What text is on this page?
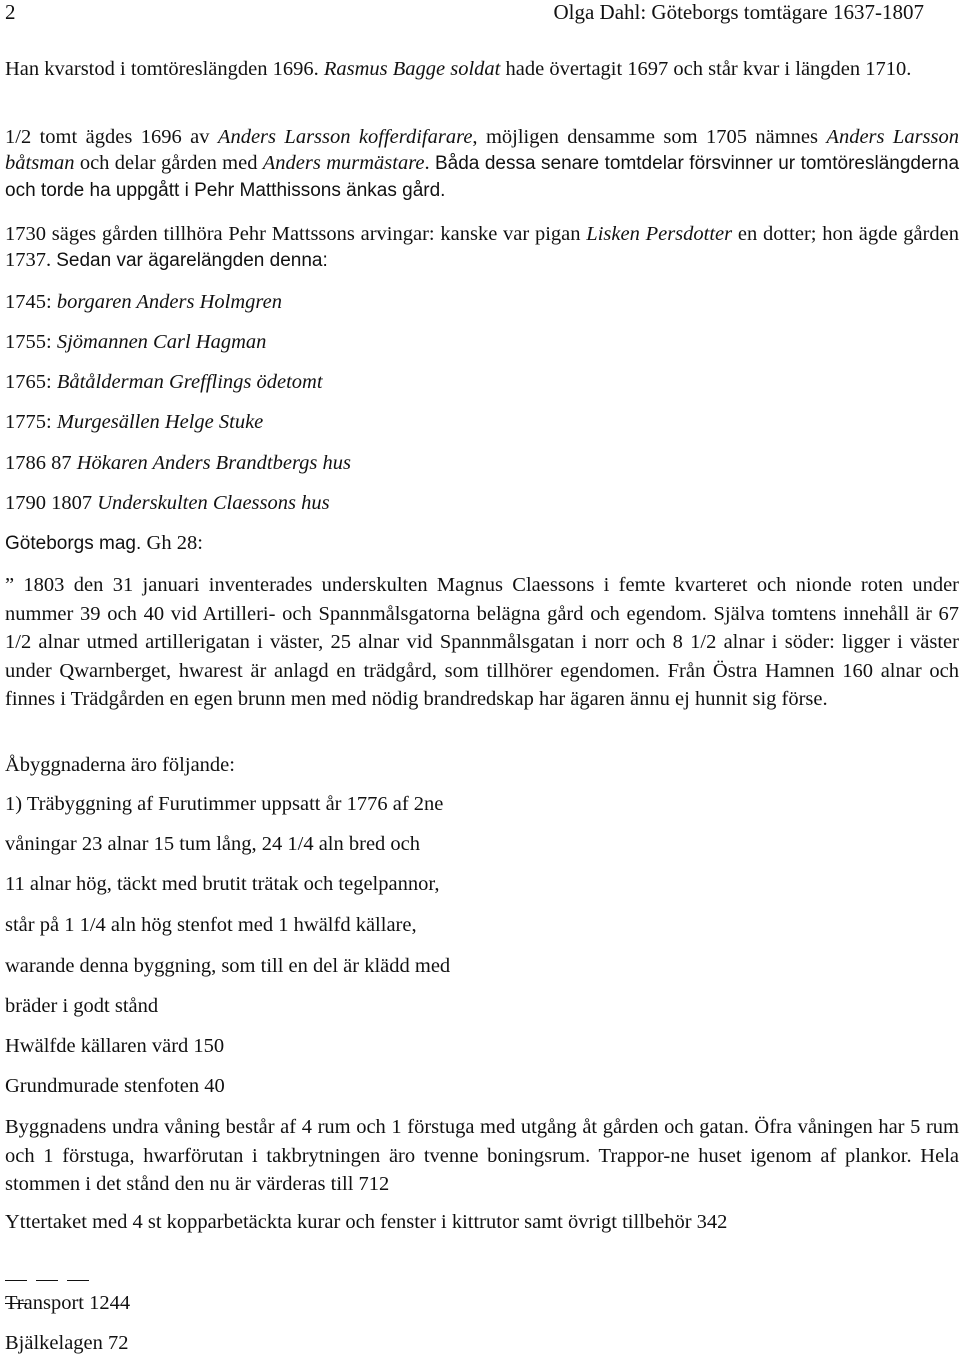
2	Olga Dahl: Göteborgs tomtägare 1637-1807

Han kvarstod i tomtöreslängden 1696. Rasmus Bagge soldat hade övertagit 1697 och står kvar i längden 1710.

1/2 tomt ägdes 1696 av Anders Larsson kofferdifarare, möjligen densamme som 1705 nämnes Anders Larsson båtsman och delar gården med Anders murmästare. Båda dessa senare tomtdelar försvinner ur tomtöreslängderna och torde ha uppgått i Pehr Matthissons änkas gård.

1730 säges gården tillhöra Pehr Mattssons arvingar: kanske var pigan Lisken Persdotter en dotter; hon ägde gården 1737. Sedan var ägarelängden denna:

1745: borgaren Anders Holmgren
1755: Sjömannen Carl Hagman
1765: Båtålderman Grefflings ödetomt
1775: Murgesällen Helge Stuke
1786 87 Hökaren Anders Brandtbergs hus
1790 1807 Underskulten Claessons hus
Göteborgs mag. Gh 28:

” 1803 den 31 januari inventerades underskulten Magnus Claessons i femte kvarteret och nionde roten under nummer 39 och 40 vid Artilleri- och Spannmålsgatorna belägna gård och egendom. Själva tomtens innehåll är 67 1/2 alnar utmed artillerigatan i väster, 25 alnar vid Spannmålsgatan i norr och 8 1/2 alnar i söder: ligger i väster under Qwarnberget, hwarest är anlagd en trädgård, som tillhörer egendomen. Från Östra Hamnen 160 alnar och finnes i Trädgården en egen brunn men med nödig brandredskap har ägaren ännu ej hunnit sig förse.

Åbyggnaderna äro följande:
1) Träbyggning af Furutimmer uppsatt år 1776 af 2ne
våningar 23 alnar 15 tum lång, 24 1/4 aln bred och
11 alnar hög, täckt med brutit trätak och tegelpannor,
står på 1 1/4 aln hög stenfot med 1 hwälfd källare,
warande denna byggning, som till en del är klädd med
bräder i godt stånd
Hwälfde källaren värd 150
Grundmurade stenfoten 40

Byggnadens undra våning består af 4 rum och 1 förstuga med utgång åt gården och gatan. Öfra våningen har 5 rum och 1 förstuga, hwarförutan i takbrytningen äro tvenne boningsrum. Trappor-ne huset igenom af plankor. Hela stommen i det stånd den nu är värderas till 712

Yttertaket med 4 st kopparbetäckta kurar och fenster i kittrutor samt övrigt tillbehör 342
Transport 1244
Bjälkelagen 72
